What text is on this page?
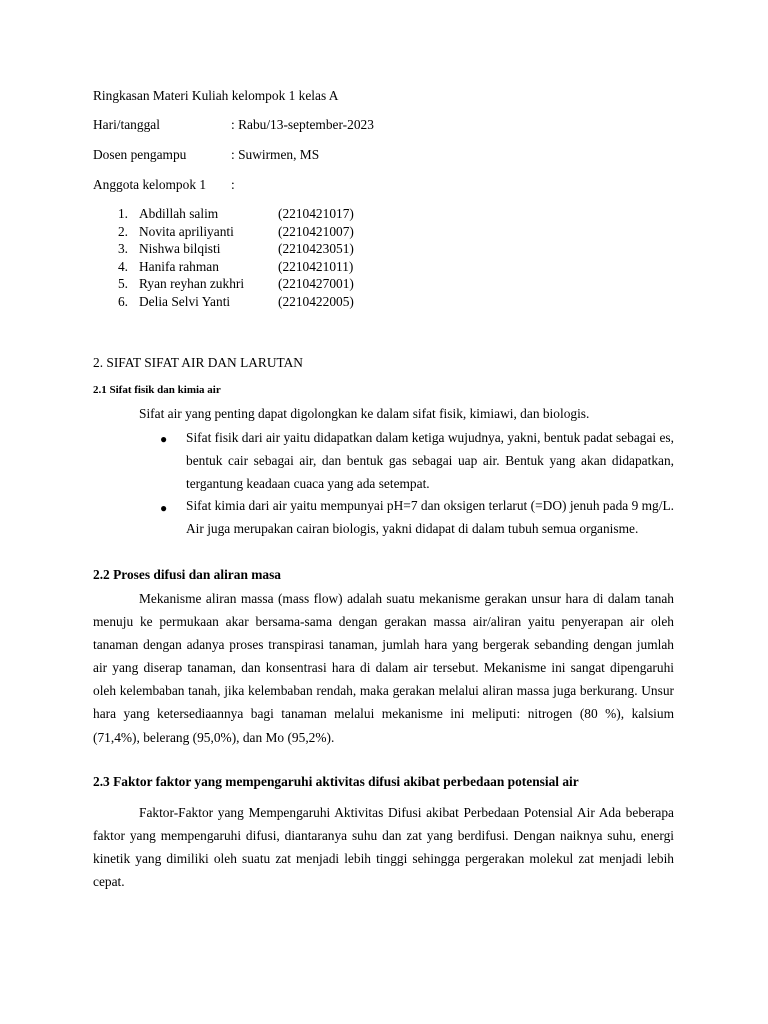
Ringkasan Materi Kuliah kelompok 1 kelas A
Hari/tanggal	: Rabu/13-september-2023
Dosen pengampu	: Suwirmen, MS
Anggota kelompok 1 :
1. Abdillah salim	(2210421017)
2. Novita apriliyanti	(2210421007)
3. Nishwa bilqisti	(2210423051)
4. Hanifa rahman	(2210421011)
5. Ryan reyhan zukhri	(2210427001)
6. Delia Selvi Yanti	(2210422005)
2. SIFAT SIFAT AIR DAN LARUTAN
2.1 Sifat fisik dan kimia air
Sifat air yang penting dapat digolongkan ke dalam sifat fisik, kimiawi, dan biologis.
● Sifat fisik dari air yaitu didapatkan dalam ketiga wujudnya, yakni, bentuk padat sebagai es, bentuk cair sebagai air, dan bentuk gas sebagai uap air. Bentuk yang akan didapatkan, tergantung keadaan cuaca yang ada setempat.
● Sifat kimia dari air yaitu mempunyai pH=7 dan oksigen terlarut (=DO) jenuh pada 9 mg/L. Air juga merupakan cairan biologis, yakni didapat di dalam tubuh semua organisme.
2.2 Proses difusi dan aliran masa
Mekanisme aliran massa (mass flow) adalah suatu mekanisme gerakan unsur hara di dalam tanah menuju ke permukaan akar bersama-sama dengan gerakan massa air/aliran yaitu penyerapan air oleh tanaman dengan adanya proses transpirasi tanaman, jumlah hara yang bergerak sebanding dengan jumlah air yang diserap tanaman, dan konsentrasi hara di dalam air tersebut. Mekanisme ini sangat dipengaruhi oleh kelembaban tanah, jika kelembaban rendah, maka gerakan melalui aliran massa juga berkurang. Unsur hara yang ketersediaannya bagi tanaman melalui mekanisme ini meliputi: nitrogen (80 %), kalsium (71,4%), belerang (95,0%), dan Mo (95,2%).
2.3 Faktor faktor yang mempengaruhi aktivitas difusi akibat perbedaan potensial air
Faktor-Faktor yang Mempengaruhi Aktivitas Difusi akibat Perbedaan Potensial Air Ada beberapa faktor yang mempengaruhi difusi, diantaranya suhu dan zat yang berdifusi. Dengan naiknya suhu, energi kinetik yang dimiliki oleh suatu zat menjadi lebih tinggi sehingga pergerakan molekul zat menjadi lebih cepat.
